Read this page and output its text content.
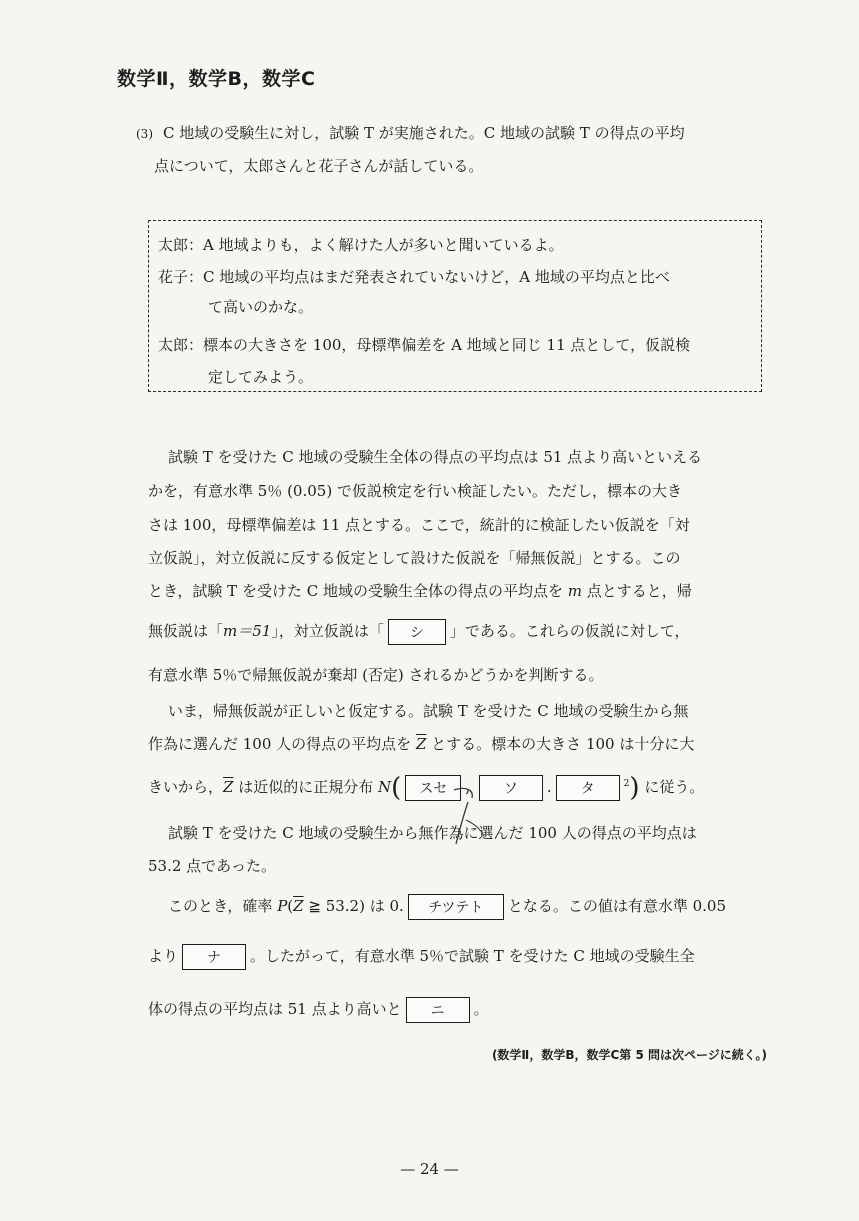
数学Ⅱ，数学B，数学C
(3) C 地域の受験生に対し，試験 T が実施された。C 地域の試験 T の得点の平均
点について，太郎さんと花子さんが話している。
太郎：A 地域よりも，よく解けた人が多いと聞いているよ。
花子：C 地域の平均点はまだ発表されていないけど，A 地域の平均点と比べ
て高いのかな。
太郎：標本の大きさを 100，母標準偏差を A 地域と同じ 11 点として，仮説検
定してみよう。
試験 T を受けた C 地域の受験生全体の得点の平均点は 51 点より高いといえる
かを，有意水準 5％ (0.05) で仮説検定を行い検証したい。ただし，標本の大き
さは 100，母標準偏差は 11 点とする。ここで，統計的に検証したい仮説を「対
立仮説」，対立仮説に反する仮定として設けた仮説を「帰無仮説」とする。この
とき，試験 T を受けた C 地域の受験生全体の得点の平均点を m 点とすると，帰
無仮説は「m＝51」，対立仮説は「 シ 」である。これらの仮説に対して，
有意水準 5％で帰無仮説が棄却 (否定) されるかどうかを判断する。
いま，帰無仮説が正しいと仮定する。試験 T を受けた C 地域の受験生から無
作為に選んだ 100 人の得点の平均点を $\overline{Z}$ とする。標本の大きさ 100 は十分に大
きいから，$\overline{Z}$ は近似的に正規分布 N( スセ , ソ . タ	$^2$) に従う。
試験 T を受けた C 地域の受験生から無作為に選んだ 100 人の得点の平均点は
53.2 点であった。
このとき，確率 $P(\overline{Z}$ ≧ 53.2) は 0. チツテト となる。この値は有意水準 0.05
より ナ 。したがって，有意水準 5％で試験 T を受けた C 地域の受験生全
体の得点の平均点は 51 点より高いと ニ 。
(数学Ⅱ，数学B，数学C第 5 問は次ページに続く。)
— 24 —
